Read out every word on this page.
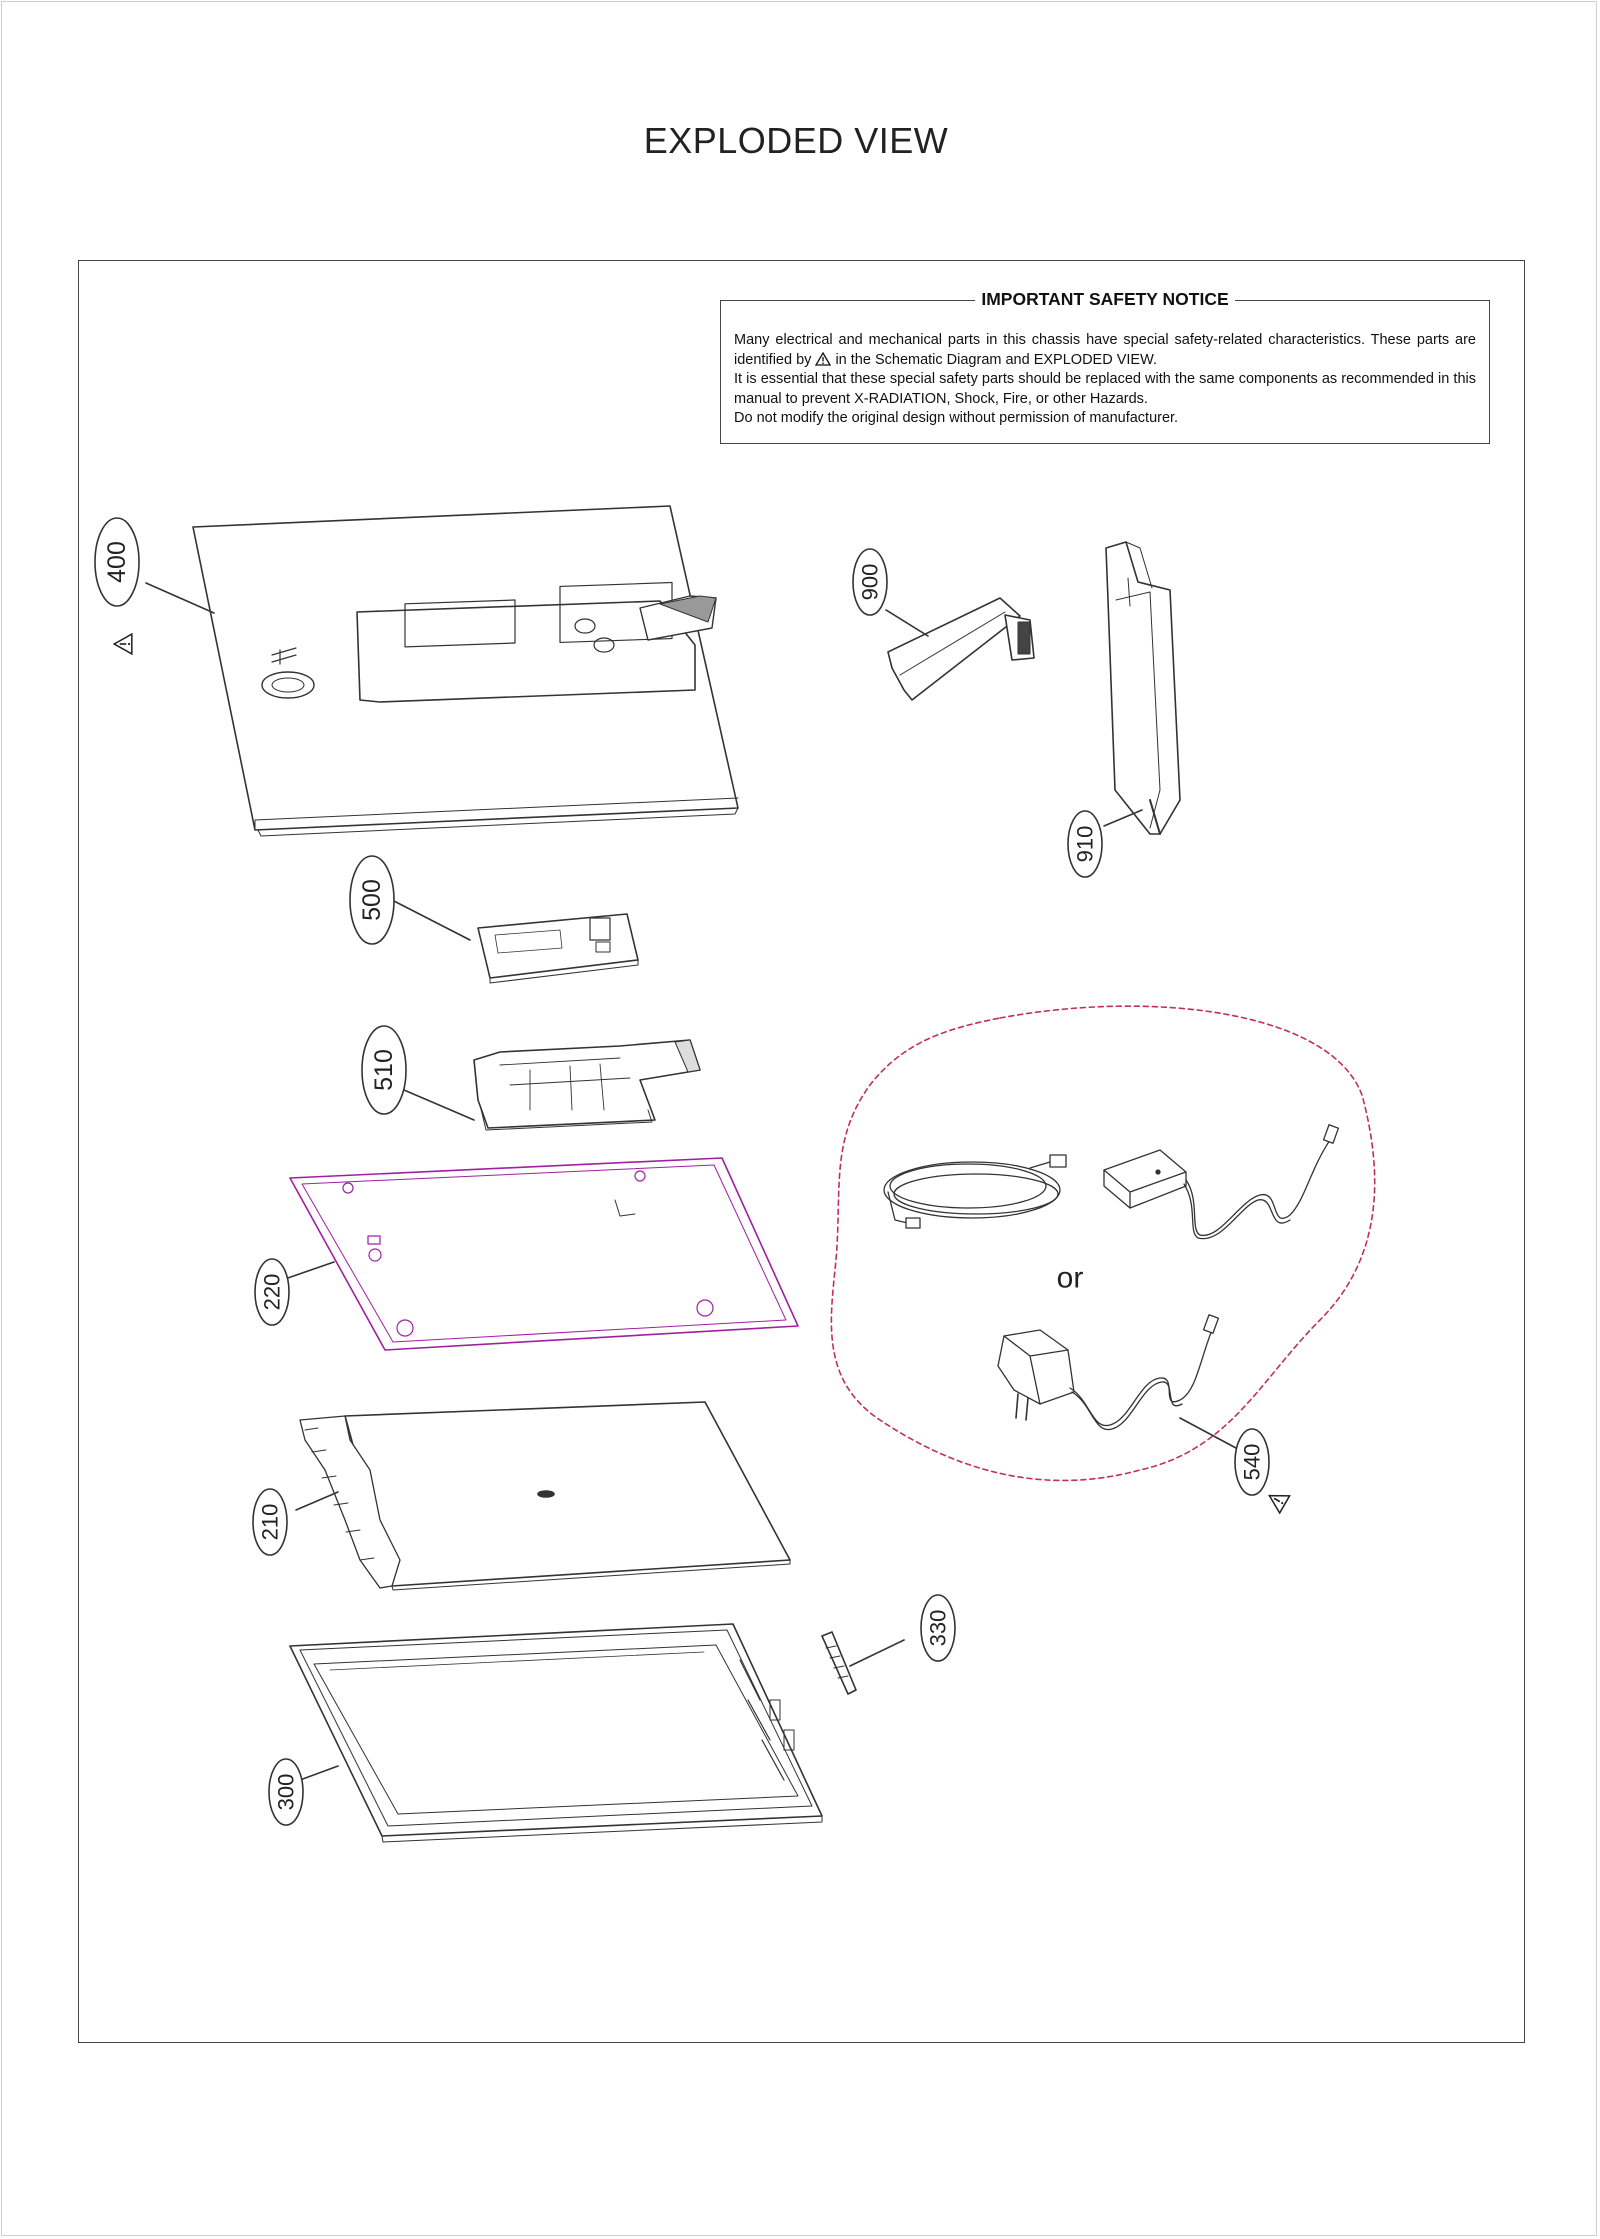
EXPLODED VIEW
IMPORTANT SAFETY NOTICE

Many electrical and mechanical parts in this chassis have special safety-related characteristics. These parts are identified by in the Schematic Diagram and EXPLODED VIEW.
It is essential that these special safety parts should be replaced with the same components as recommended in this manual to prevent X-RADIATION, Shock, Fire, or other Hazards.
Do not modify the original design without permission of manufacturer.

400
500
510
220
210
300
330
900
910
540
or
